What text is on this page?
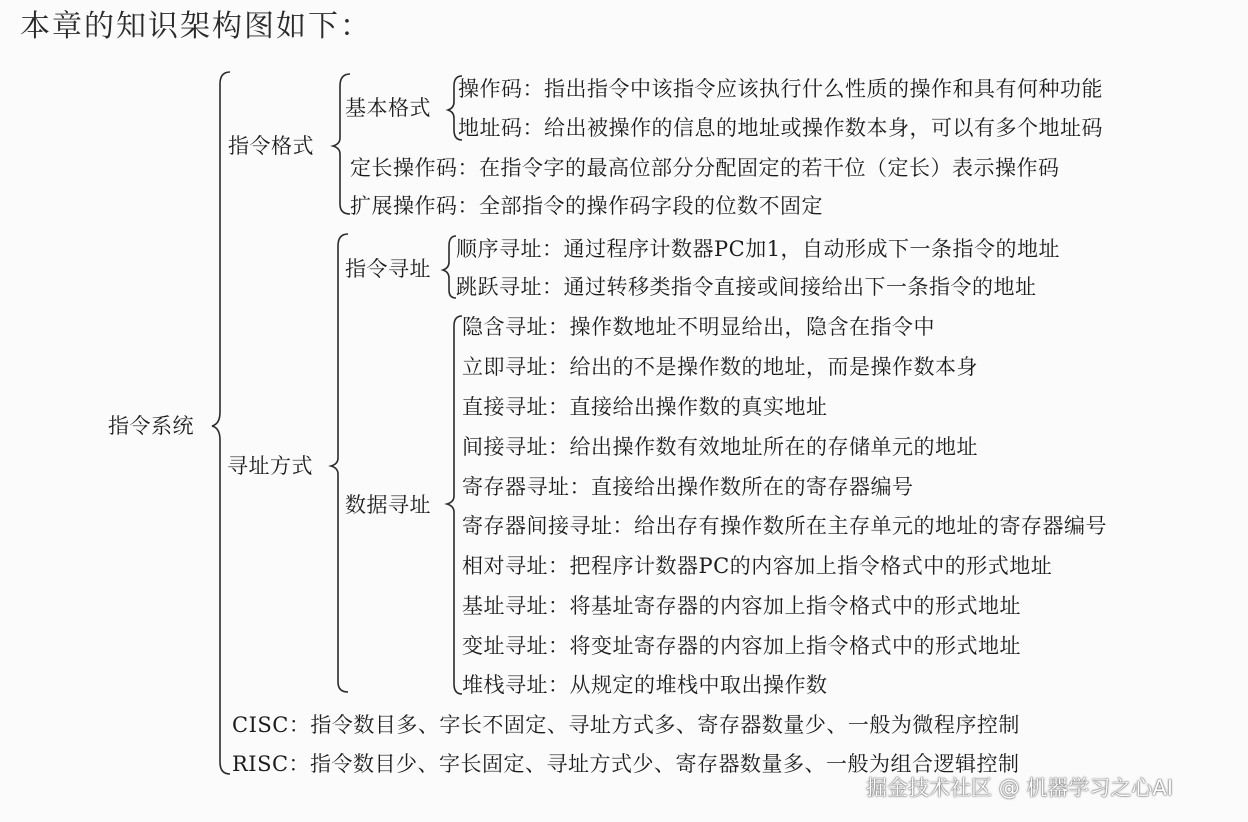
本章的知识架构图如下：
指令系统
指令格式
基本格式
操作码：指出指令中该指令应该执行什么性质的操作和具有何种功能
地址码：给出被操作的信息的地址或操作数本身，可以有多个地址码
定长操作码：在指令字的最高位部分分配固定的若干位（定长）表示操作码
扩展操作码：全部指令的操作码字段的位数不固定
寻址方式
指令寻址
顺序寻址：通过程序计数器PC加1，自动形成下一条指令的地址
跳跃寻址：通过转移类指令直接或间接给出下一条指令的地址
数据寻址
隐含寻址：操作数地址不明显给出，隐含在指令中
立即寻址：给出的不是操作数的地址，而是操作数本身
直接寻址：直接给出操作数的真实地址
间接寻址：给出操作数有效地址所在的存储单元的地址
寄存器寻址：直接给出操作数所在的寄存器编号
寄存器间接寻址：给出存有操作数所在主存单元的地址的寄存器编号
相对寻址：把程序计数器PC的内容加上指令格式中的形式地址
基址寻址：将基址寄存器的内容加上指令格式中的形式地址
变址寻址：将变址寄存器的内容加上指令格式中的形式地址
堆栈寻址：从规定的堆栈中取出操作数
CISC：指令数目多、字长不固定、寻址方式多、寄存器数量少、一般为微程序控制
RISC：指令数目少、字长固定、寻址方式少、寄存器数量多、一般为组合逻辑控制
掘金技术社区 @ 机器学习之心AI
